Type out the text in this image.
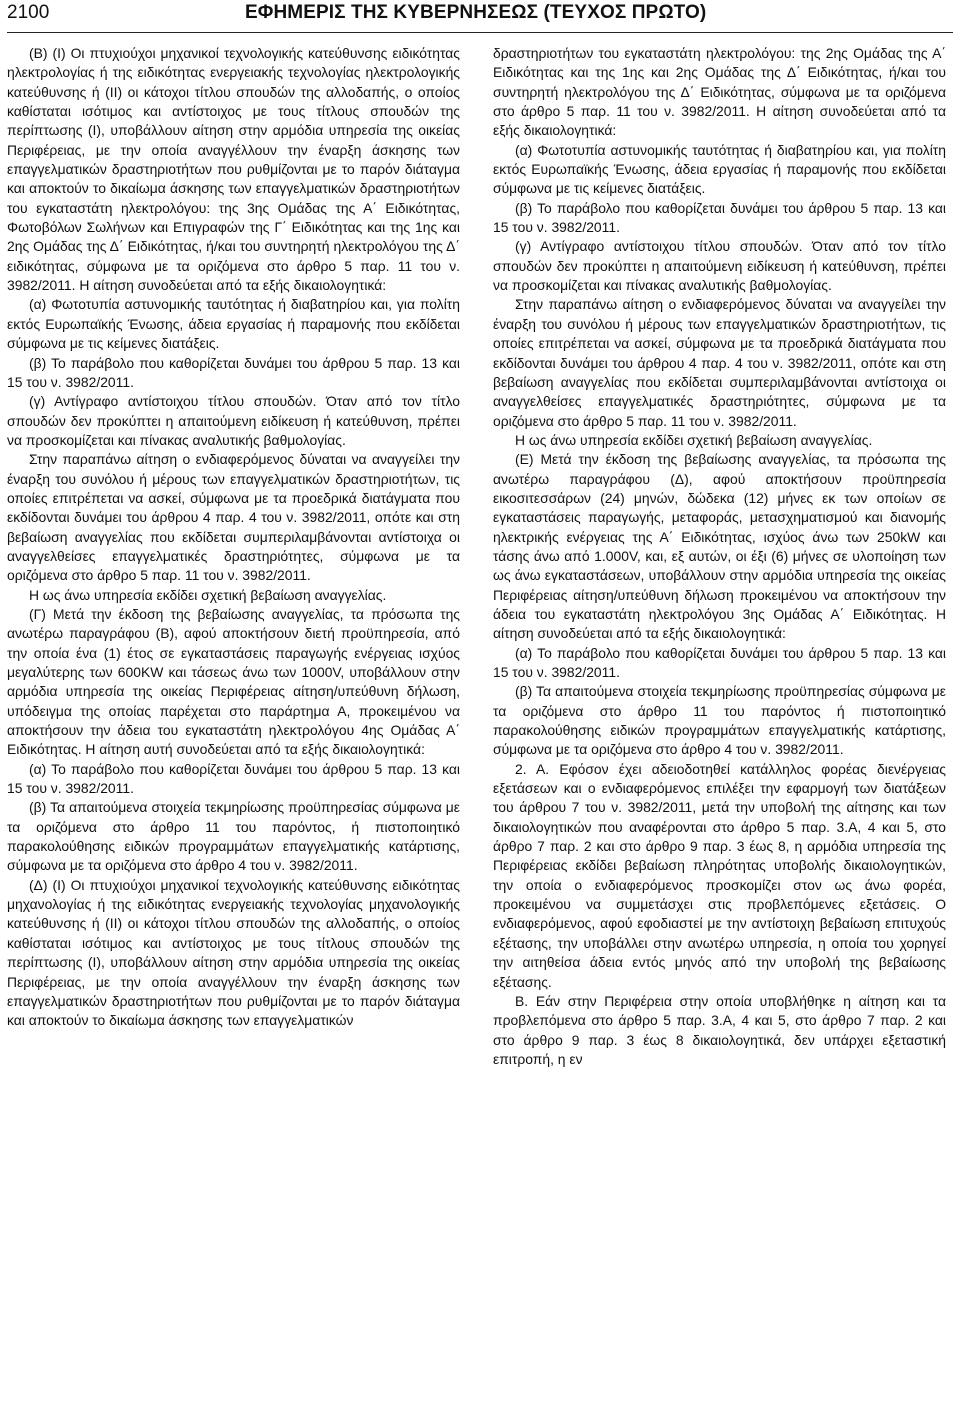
2100	ΕΦΗΜΕΡΙΣ ΤΗΣ ΚΥΒΕΡΝΗΣΕΩΣ (ΤΕΥΧΟΣ ΠΡΩΤΟ)

(Β) (Ι) Οι πτυχιούχοι μηχανικοί τεχνολογικής κατεύθυνσης ειδικότητας ηλεκτρολογίας ή της ειδικότητας ενεργειακής τεχνολογίας ηλεκτρολογικής κατεύθυνσης ή (ΙΙ) οι κάτοχοι τίτλου σπουδών της αλλοδαπής, ο οποίος καθίσταται ισότιμος και αντίστοιχος με τους τίτλους σπουδών της περίπτωσης (Ι), υποβάλλουν αίτηση στην αρμόδια υπηρεσία της οικείας Περιφέρειας, με την οποία αναγγέλλουν την έναρξη άσκησης των επαγγελματικών δραστηριοτήτων που ρυθμίζονται με το παρόν διάταγμα και αποκτούν το δικαίωμα άσκησης των επαγγελματικών δραστηριοτήτων του εγκαταστάτη ηλεκτρολόγου: της 3ης Ομάδας της Α΄ Ειδικότητας, Φωτοβόλων Σωλήνων και Επιγραφών της Γ΄ Ειδικότητας και της 1ης και 2ης Ομάδας της Δ΄ Ειδικότητας, ή/και του συντηρητή ηλεκτρολόγου της Δ΄ ειδικότητας, σύμφωνα με τα οριζόμενα στο άρθρο 5 παρ. 11 του ν. 3982/2011. Η αίτηση συνοδεύεται από τα εξής δικαιολογητικά:

(α) Φωτοτυπία αστυνομικής ταυτότητας ή διαβατηρίου και, για πολίτη εκτός Ευρωπαϊκής Ένωσης, άδεια εργασίας ή παραμονής που εκδίδεται σύμφωνα με τις κείμενες διατάξεις.

(β) Το παράβολο που καθορίζεται δυνάμει του άρθρου 5 παρ. 13 και 15 του ν. 3982/2011.

(γ) Αντίγραφο αντίστοιχου τίτλου σπουδών. Όταν από τον τίτλο σπουδών δεν προκύπτει η απαιτούμενη ειδίκευση ή κατεύθυνση, πρέπει να προσκομίζεται και πίνακας αναλυτικής βαθμολογίας.

Στην παραπάνω αίτηση ο ενδιαφερόμενος δύναται να αναγγείλει την έναρξη του συνόλου ή μέρους των επαγγελματικών δραστηριοτήτων, τις οποίες επιτρέπεται να ασκεί, σύμφωνα με τα προεδρικά διατάγματα που εκδίδονται δυνάμει του άρθρου 4 παρ. 4 του ν. 3982/2011, οπότε και στη βεβαίωση αναγγελίας που εκδίδεται συμπεριλαμβάνονται αντίστοιχα οι αναγγελθείσες επαγγελματικές δραστηριότητες, σύμφωνα με τα οριζόμενα στο άρθρο 5 παρ. 11 του ν. 3982/2011.

Η ως άνω υπηρεσία εκδίδει σχετική βεβαίωση αναγγελίας.

(Γ) Μετά την έκδοση της βεβαίωσης αναγγελίας, τα πρόσωπα της ανωτέρω παραγράφου (Β), αφού αποκτήσουν διετή προϋπηρεσία, από την οποία ένα (1) έτος σε εγκαταστάσεις παραγωγής ενέργειας ισχύος μεγαλύτερης των 600KW και τάσεως άνω των 1000V, υποβάλλουν στην αρμόδια υπηρεσία της οικείας Περιφέρειας αίτηση/υπεύθυνη δήλωση, υπόδειγμα της οποίας παρέχεται στο παράρτημα Α, προκειμένου να αποκτήσουν την άδεια του εγκαταστάτη ηλεκτρολόγου 4ης Ομάδας Α΄ Ειδικότητας. Η αίτηση αυτή συνοδεύεται από τα εξής δικαιολογητικά:

(α) Το παράβολο που καθορίζεται δυνάμει του άρθρου 5 παρ. 13 και 15 του ν. 3982/2011.

(β) Τα απαιτούμενα στοιχεία τεκμηρίωσης προϋπηρεσίας σύμφωνα με τα οριζόμενα στο άρθρο 11 του παρόντος, ή πιστοποιητικό παρακολούθησης ειδικών προγραμμάτων επαγγελματικής κατάρτισης, σύμφωνα με τα οριζόμενα στο άρθρο 4 του ν. 3982/2011.

(Δ) (Ι) Οι πτυχιούχοι μηχανικοί τεχνολογικής κατεύθυνσης ειδικότητας μηχανολογίας ή της ειδικότητας ενεργειακής τεχνολογίας μηχανολογικής κατεύθυνσης ή (ΙΙ) οι κάτοχοι τίτλου σπουδών της αλλοδαπής, ο οποίος καθίσταται ισότιμος και αντίστοιχος με τους τίτλους σπουδών της περίπτωσης (Ι), υποβάλλουν αίτηση στην αρμόδια υπηρεσία της οικείας Περιφέρειας, με την οποία αναγγέλλουν την έναρξη άσκησης των επαγγελματικών δραστηριοτήτων που ρυθμίζονται με το παρόν διάταγμα και αποκτούν το δικαίωμα άσκησης των επαγγελματικών

δραστηριοτήτων του εγκαταστάτη ηλεκτρολόγου: της 2ης Ομάδας της Α΄ Ειδικότητας και της 1ης και 2ης Ομάδας της Δ΄ Ειδικότητας, ή/και του συντηρητή ηλεκτρολόγου της Δ΄ Ειδικότητας, σύμφωνα με τα οριζόμενα στο άρθρο 5 παρ. 11 του ν. 3982/2011. Η αίτηση συνοδεύεται από τα εξής δικαιολογητικά:

(α) Φωτοτυπία αστυνομικής ταυτότητας ή διαβατηρίου και, για πολίτη εκτός Ευρωπαϊκής Ένωσης, άδεια εργασίας ή παραμονής που εκδίδεται σύμφωνα με τις κείμενες διατάξεις.

(β) Το παράβολο που καθορίζεται δυνάμει του άρθρου 5 παρ. 13 και 15 του ν. 3982/2011.

(γ) Αντίγραφο αντίστοιχου τίτλου σπουδών. Όταν από τον τίτλο σπουδών δεν προκύπτει η απαιτούμενη ειδίκευση ή κατεύθυνση, πρέπει να προσκομίζεται και πίνακας αναλυτικής βαθμολογίας.

Στην παραπάνω αίτηση ο ενδιαφερόμενος δύναται να αναγγείλει την έναρξη του συνόλου ή μέρους των επαγγελματικών δραστηριοτήτων, τις οποίες επιτρέπεται να ασκεί, σύμφωνα με τα προεδρικά διατάγματα που εκδίδονται δυνάμει του άρθρου 4 παρ. 4 του ν. 3982/2011, οπότε και στη βεβαίωση αναγγελίας που εκδίδεται συμπεριλαμβάνονται αντίστοιχα οι αναγγελθείσες επαγγελματικές δραστηριότητες, σύμφωνα με τα οριζόμενα στο άρθρο 5 παρ. 11 του ν. 3982/2011.

Η ως άνω υπηρεσία εκδίδει σχετική βεβαίωση αναγγελίας.

(Ε) Μετά την έκδοση της βεβαίωσης αναγγελίας, τα πρόσωπα της ανωτέρω παραγράφου (Δ), αφού αποκτήσουν προϋπηρεσία εικοσιτεσσάρων (24) μηνών, δώδεκα (12) μήνες εκ των οποίων σε εγκαταστάσεις παραγωγής, μεταφοράς, μετασχηματισμού και διανομής ηλεκτρικής ενέργειας της Α΄ Ειδικότητας, ισχύος άνω των 250kW και τάσης άνω από 1.000V, και, εξ αυτών, οι έξι (6) μήνες σε υλοποίηση των ως άνω εγκαταστάσεων, υποβάλλουν στην αρμόδια υπηρεσία της οικείας Περιφέρειας αίτηση/υπεύθυνη δήλωση προκειμένου να αποκτήσουν την άδεια του εγκαταστάτη ηλεκτρολόγου 3ης Ομάδας Α΄ Ειδικότητας. Η αίτηση συνοδεύεται από τα εξής δικαιολογητικά:

(α) Το παράβολο που καθορίζεται δυνάμει του άρθρου 5 παρ. 13 και 15 του ν. 3982/2011.

(β) Τα απαιτούμενα στοιχεία τεκμηρίωσης προϋπηρεσίας σύμφωνα με τα οριζόμενα στο άρθρο 11 του παρόντος ή πιστοποιητικό παρακολούθησης ειδικών προγραμμάτων επαγγελματικής κατάρτισης, σύμφωνα με τα οριζόμενα στο άρθρο 4 του ν. 3982/2011.

2. Α. Εφόσον έχει αδειοδοτηθεί κατάλληλος φορέας διενέργειας εξετάσεων και ο ενδιαφερόμενος επιλέξει την εφαρμογή των διατάξεων του άρθρου 7 του ν. 3982/2011, μετά την υποβολή της αίτησης και των δικαιολογητικών που αναφέρονται στο άρθρο 5 παρ. 3.Α, 4 και 5, στο άρθρο 7 παρ. 2 και στο άρθρο 9 παρ. 3 έως 8, η αρμόδια υπηρεσία της Περιφέρειας εκδίδει βεβαίωση πληρότητας υποβολής δικαιολογητικών, την οποία ο ενδιαφερόμενος προσκομίζει στον ως άνω φορέα, προκειμένου να συμμετάσχει στις προβλεπόμενες εξετάσεις. Ο ενδιαφερόμενος, αφού εφοδιαστεί με την αντίστοιχη βεβαίωση επιτυχούς εξέτασης, την υποβάλλει στην ανωτέρω υπηρεσία, η οποία του χορηγεί την αιτηθείσα άδεια εντός μηνός από την υποβολή της βεβαίωσης εξέτασης.

Β. Εάν στην Περιφέρεια στην οποία υποβλήθηκε η αίτηση και τα προβλεπόμενα στο άρθρο 5 παρ. 3.Α, 4 και 5, στο άρθρο 7 παρ. 2 και στο άρθρο 9 παρ. 3 έως 8 δικαιολογητικά, δεν υπάρχει εξεταστική επιτροπή, η εν
